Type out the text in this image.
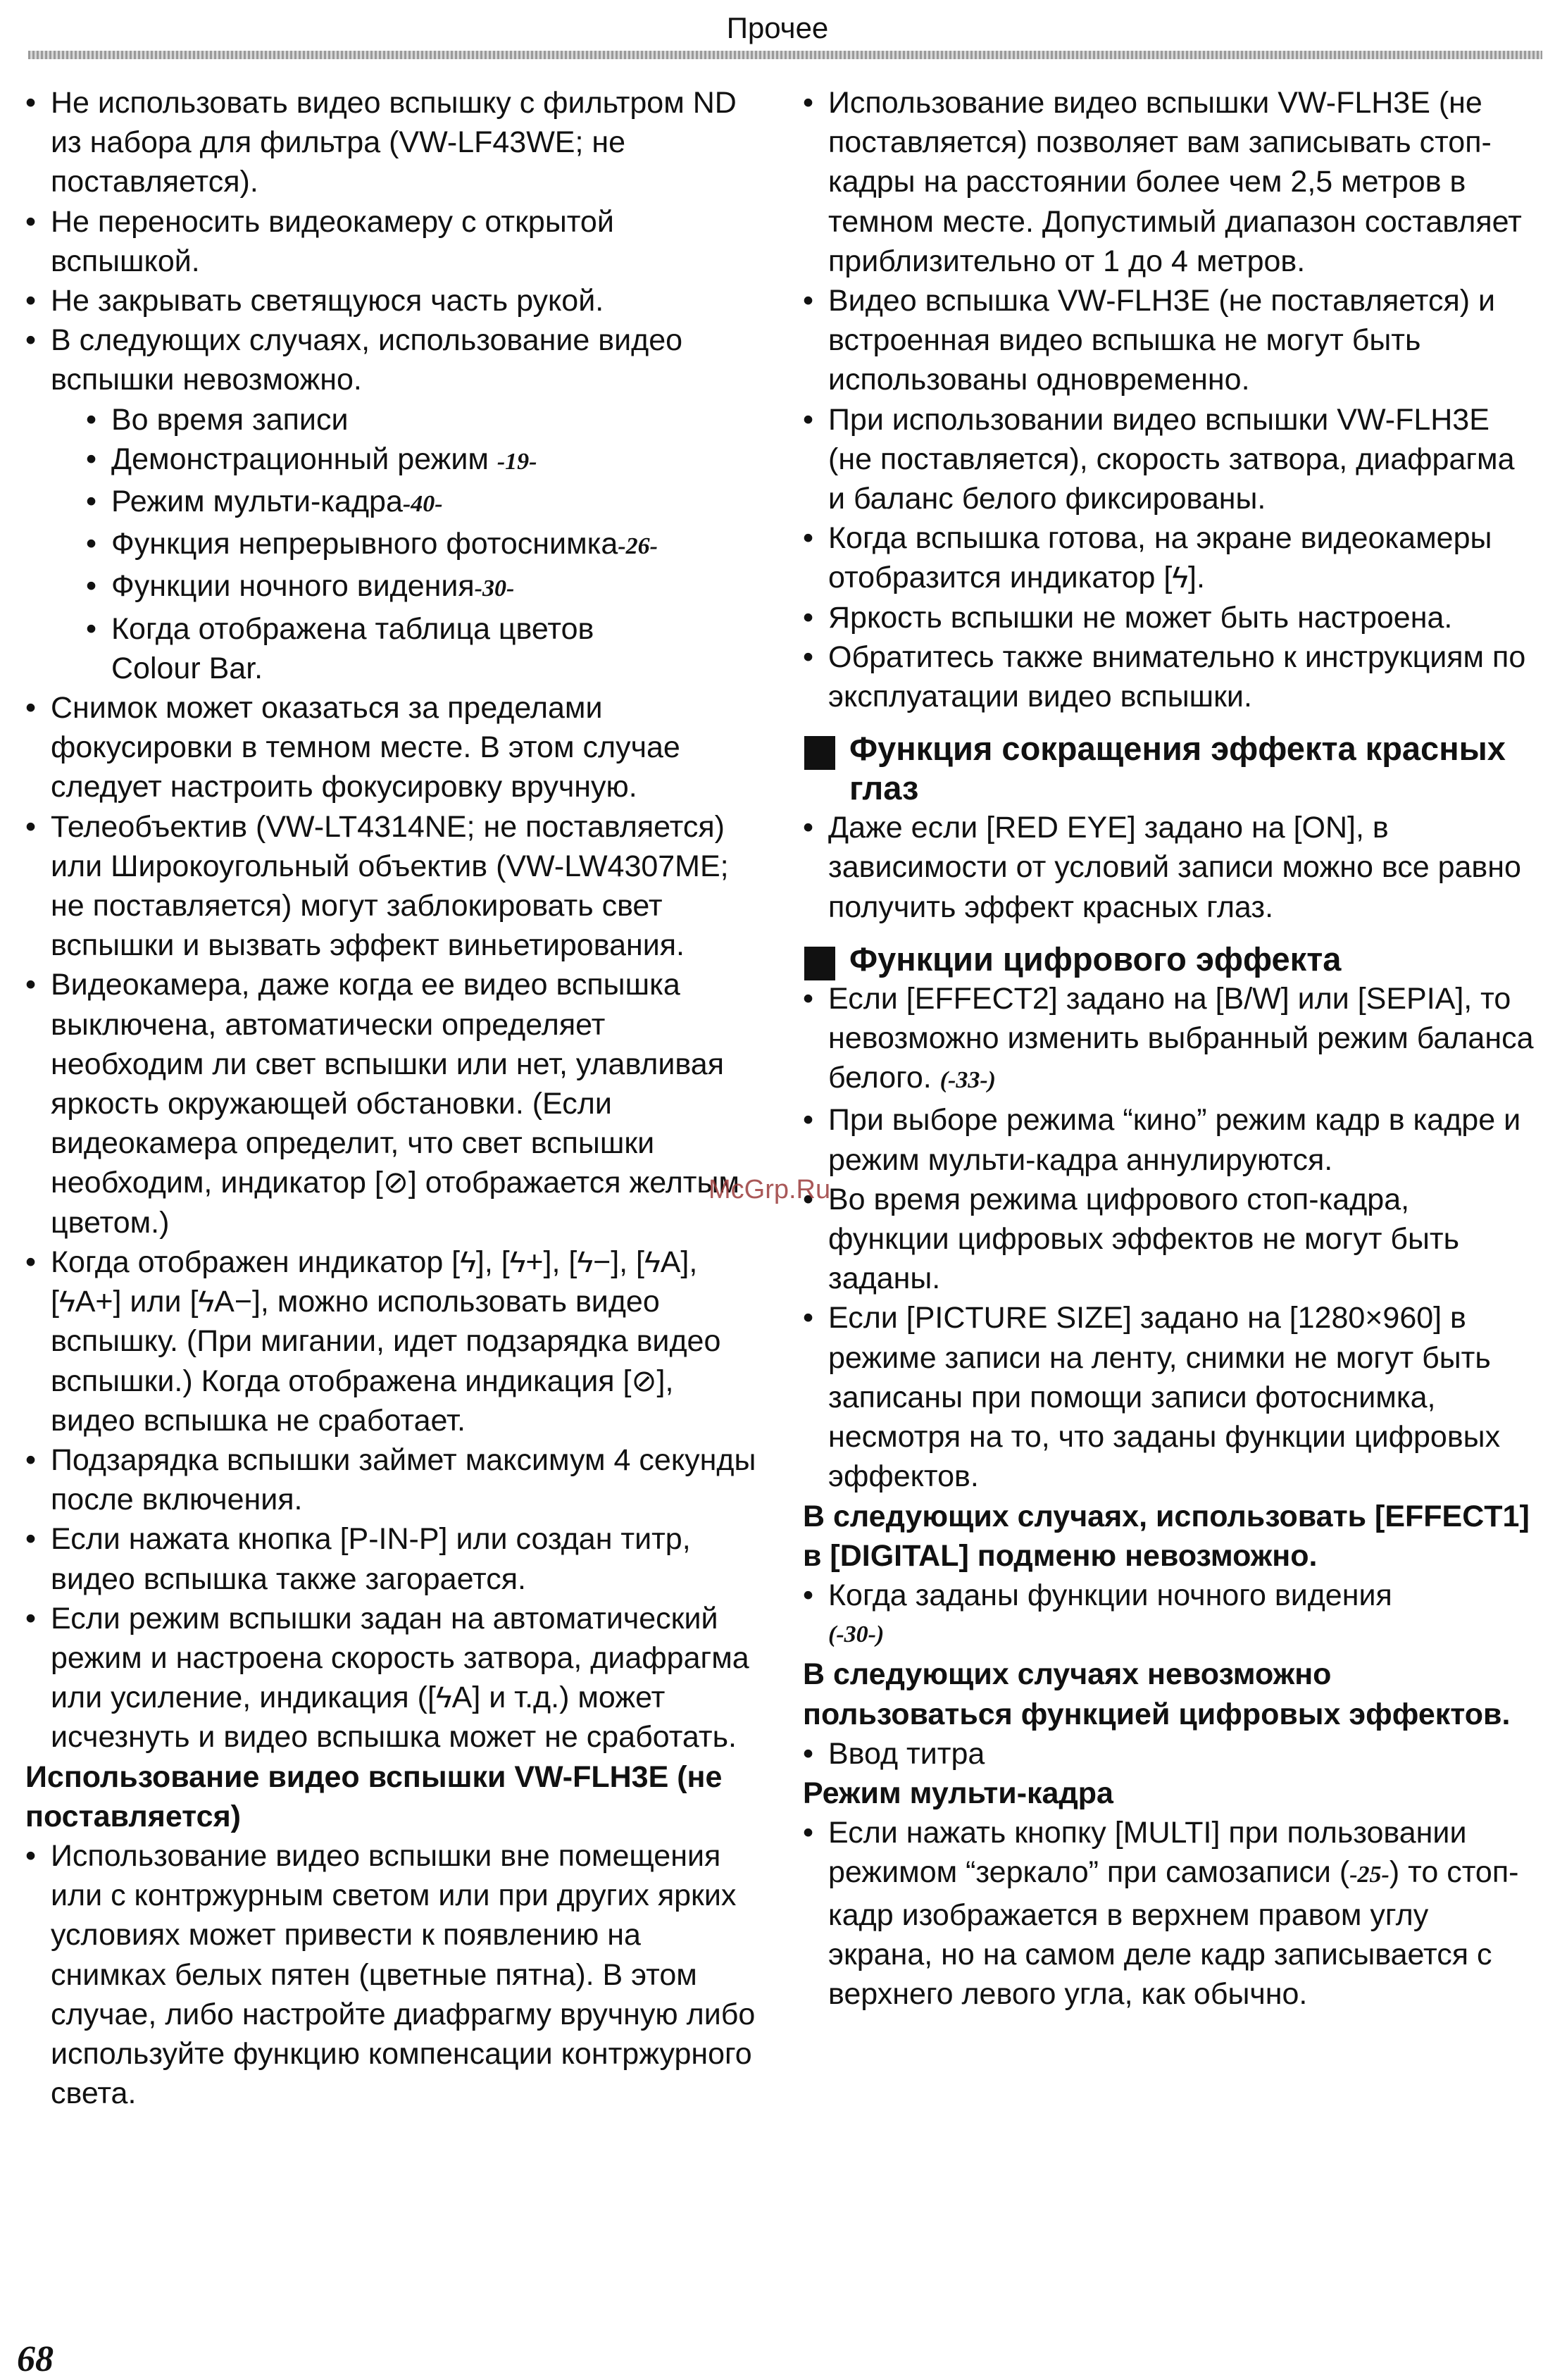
Прочее
• Не использовать видео вспышку с фильтром ND из набора для фильтра (VW-LF43WE; не поставляется).
• Не переносить видеокамеру с открытой вспышкой.
• Не закрывать светящуюся часть рукой.
• В следующих случаях, использование видео вспышки невозможно.
• Во время записи
• Демонстрационный режим -19-
• Режим мульти-кадра-40-
• Функция непрерывного фотоснимка-26-
• Функции ночного видения-30-
• Когда отображена таблица цветов
Colour Bar.
• Снимок может оказаться за пределами фокусировки в темном месте. В этом случае следует настроить фокусировку вручную.
• Телеобъектив (VW-LT4314NE; не поставляется) или Широкоугольный объектив (VW-LW4307ME; не поставляется) могут заблокировать свет вспышки и вызвать эффект виньетирования.
• Видеокамера, даже когда ее видео вспышка выключена, автоматически определяет необходим ли свет вспышки или нет, улавливая яркость окружающей обстановки. (Если видеокамера определит, что свет вспышки необходим, индикатор [⊘] отображается желтым цветом.)
• Когда отображен индикатор [ϟ], [ϟ+], [ϟ−], [ϟA], [ϟA+] или [ϟA−], можно использовать видео вспышку. (При мигании, идет подзарядка видео вспышки.) Когда отображена индикация [⊘], видео вспышка не сработает.
• Подзарядка вспышки займет максимум 4 секунды после включения.
• Если нажата кнопка [P-IN-P] или создан титр, видео вспышка также загорается.
• Если режим вспышки задан на автоматический режим и настроена скорость затвора, диафрагма или усиление, индикация ([ϟA] и т.д.) может исчезнуть и видео вспышка может не сработать.
Использование видео вспышки VW-FLH3E (не поставляется)
• Использование видео вспышки вне помещения или с контржурным светом или при других ярких условиях может привести к появлению на снимках белых пятен (цветные пятна). В этом случае, либо настройте диафрагму вручную либо используйте функцию компенсации контржурного света.
• Использование видео вспышки VW-FLH3E (не поставляется) позволяет вам записывать стоп-кадры на расстоянии более чем 2,5 метров в темном месте. Допустимый диапазон составляет приблизительно от 1 до 4 метров.
• Видео вспышка VW-FLH3E (не поставляется) и встроенная видео вспышка не могут быть использованы одновременно.
• При использовании видео вспышки VW-FLH3E (не поставляется), скорость затвора, диафрагма и баланс белого фиксированы.
• Когда вспышка готова, на экране видеокамеры отобразится индикатор [ϟ].
• Яркость вспышки не может быть настроена.
• Обратитесь также внимательно к инструкциям по эксплуатации видео вспышки.
Функция сокращения эффекта красных глаз
• Даже если [RED EYE] задано на [ON], в зависимости от условий записи можно все равно получить эффект красных глаз.
Функции цифрового эффекта
• Если [EFFECT2] задано на [B/W] или [SEPIA], то невозможно изменить выбранный режим баланса белого. (-33-)
• При выборе режима “кино” режим кадр в кадре и режим мульти-кадра аннулируются.
• Во время режима цифрового стоп-кадра, функции цифровых эффектов не могут быть заданы.
• Если [PICTURE SIZE] задано на [1280×960] в режиме записи на ленту, снимки не могут быть записаны при помощи записи фотоснимка, несмотря на то, что заданы функции цифровых эффектов.
В следующих случаях, использовать [EFFECT1] в [DIGITAL] подменю невозможно.
• Когда заданы функции ночного видения
(-30-)
В следующих случаях невозможно пользоваться функцией цифровых эффектов.
• Ввод титра
Режим мульти-кадра
• Если нажать кнопку [MULTI] при пользовании режимом “зеркало” при самозаписи (-25-) то стоп-кадр изображается в верхнем правом углу экрана, но на самом деле кадр записывается с верхнего левого угла, как обычно.
McGrp.Ru
68
